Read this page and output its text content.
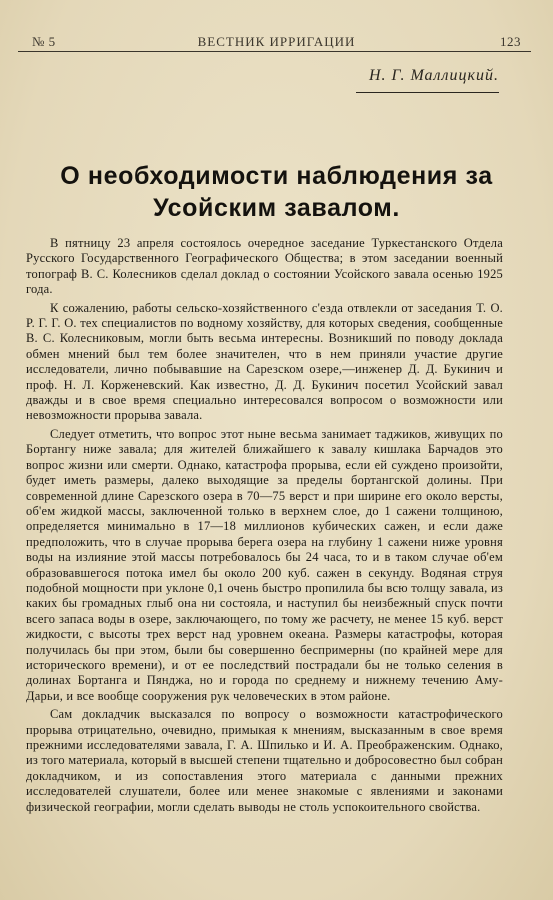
№ 5	ВЕСТНИК ИРРИГАЦИИ	123
Н. Г. Маллицкий.
О необходимости наблюдения за
Усойским завалом.

В пятницу 23 апреля состоялось очередное заседание Туркестанского Отдела Русского Государственного Географического Общества; в этом заседании военный топограф В. С. Колесников сделал доклад о состоянии Усойского завала осенью 1925 года.

К сожалению, работы сельско-хозяйственного с'езда отвлекли от заседания Т. О. Р. Г. Г. О. тех специалистов по водному хозяйству, для которых сведения, сообщенные В. С. Колесниковым, могли быть весьма интересны. Возникший по поводу доклада обмен мнений был тем более значителен, что в нем приняли участие другие исследователи, лично побывавшие на Сарезском озере,—инженер Д. Д. Букинич и проф. Н. Л. Корженевский. Как известно, Д. Д. Букинич посетил Усойский завал дважды и в свое время специально интересовался вопросом о возможности или невозможности прорыва завала.

Следует отметить, что вопрос этот ныне весьма занимает таджиков, живущих по Бортангу ниже завала; для жителей ближайшего к завалу кишлака Барчадов это вопрос жизни или смерти. Однако, катастрофа прорыва, если ей суждено произойти, будет иметь размеры, далеко выходящие за пределы бортангской долины. При современной длине Сарезского озера в 70—75 верст и при ширине его около версты, об'ем жидкой массы, заключенной только в верхнем слое, до 1 сажени толщиною, определяется минимально в 17—18 миллионов кубических сажен, и если даже предположить, что в случае прорыва берега озера на глубину 1 сажени ниже уровня воды на излияние этой массы потребовалось бы 24 часа, то и в таком случае об'ем образовавшегося потока имел бы около 200 куб. сажен в секунду. Водяная струя подобной мощности при уклоне 0,1 очень быстро пропилила бы всю толщу завала, из каких бы громадных глыб она ни состояла, и наступил бы неизбежный спуск почти всего запаса воды в озере, заключающего, по тому же расчету, не менее 15 куб. верст жидкости, с высоты трех верст над уровнем океана. Размеры катастрофы, которая получилась бы при этом, были бы совершенно беспримерны (по крайней мере для исторического времени), и от ее последствий пострадали бы не только селения в долинах Бортанга и Пянджа, но и города по среднему и нижнему течению Аму-Дарьи, и все вообще сооружения рук человеческих в этом районе.

Сам докладчик высказался по вопросу о возможности катастрофического прорыва отрицательно, очевидно, примыкая к мнениям, высказанным в свое время прежними исследователями завала, Г. А. Шпилько и И. А. Преображенским. Однако, из того материала, который в высшей степени тщательно и добросовестно был собран докладчиком, и из сопоставления этого материала с данными прежних исследователей слушатели, более или менее знакомые с явлениями и законами физической географии, могли сделать выводы не столь успокоительного свойства.
